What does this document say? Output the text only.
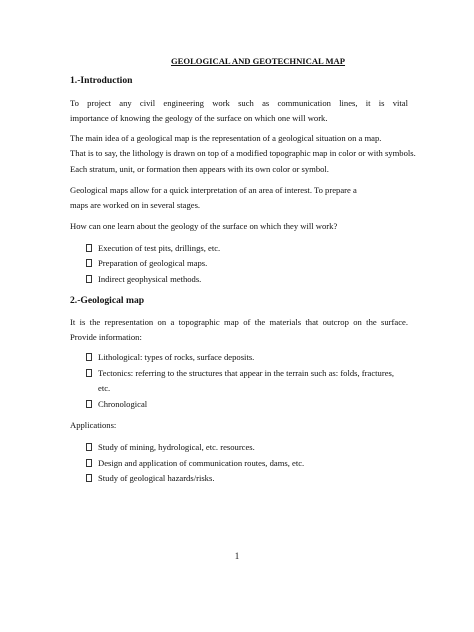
GEOLOGICAL AND GEOTECHNICAL MAP
1.-Introduction
To project any civil engineering work such as communication lines, it is vital
importance of knowing the geology of the surface on which one will work.
The main idea of a geological map is the representation of a geological situation on a map.
That is to say, the lithology is drawn on top of a modified topographic map in color or with symbols.
Each stratum, unit, or formation then appears with its own color or symbol.
Geological maps allow for a quick interpretation of an area of interest. To prepare a
maps are worked on in several stages.
How can one learn about the geology of the surface on which they will work?
Execution of test pits, drillings, etc.
Preparation of geological maps.
Indirect geophysical methods.
2.-Geological map
It is the representation on a topographic map of the materials that outcrop on the surface.
Provide information:
Lithological: types of rocks, surface deposits.
Tectonics: referring to the structures that appear in the terrain such as: folds, fractures,
etc.
Chronological
Applications:
Study of mining, hydrological, etc. resources.
Design and application of communication routes, dams, etc.
Study of geological hazards/risks.
1
